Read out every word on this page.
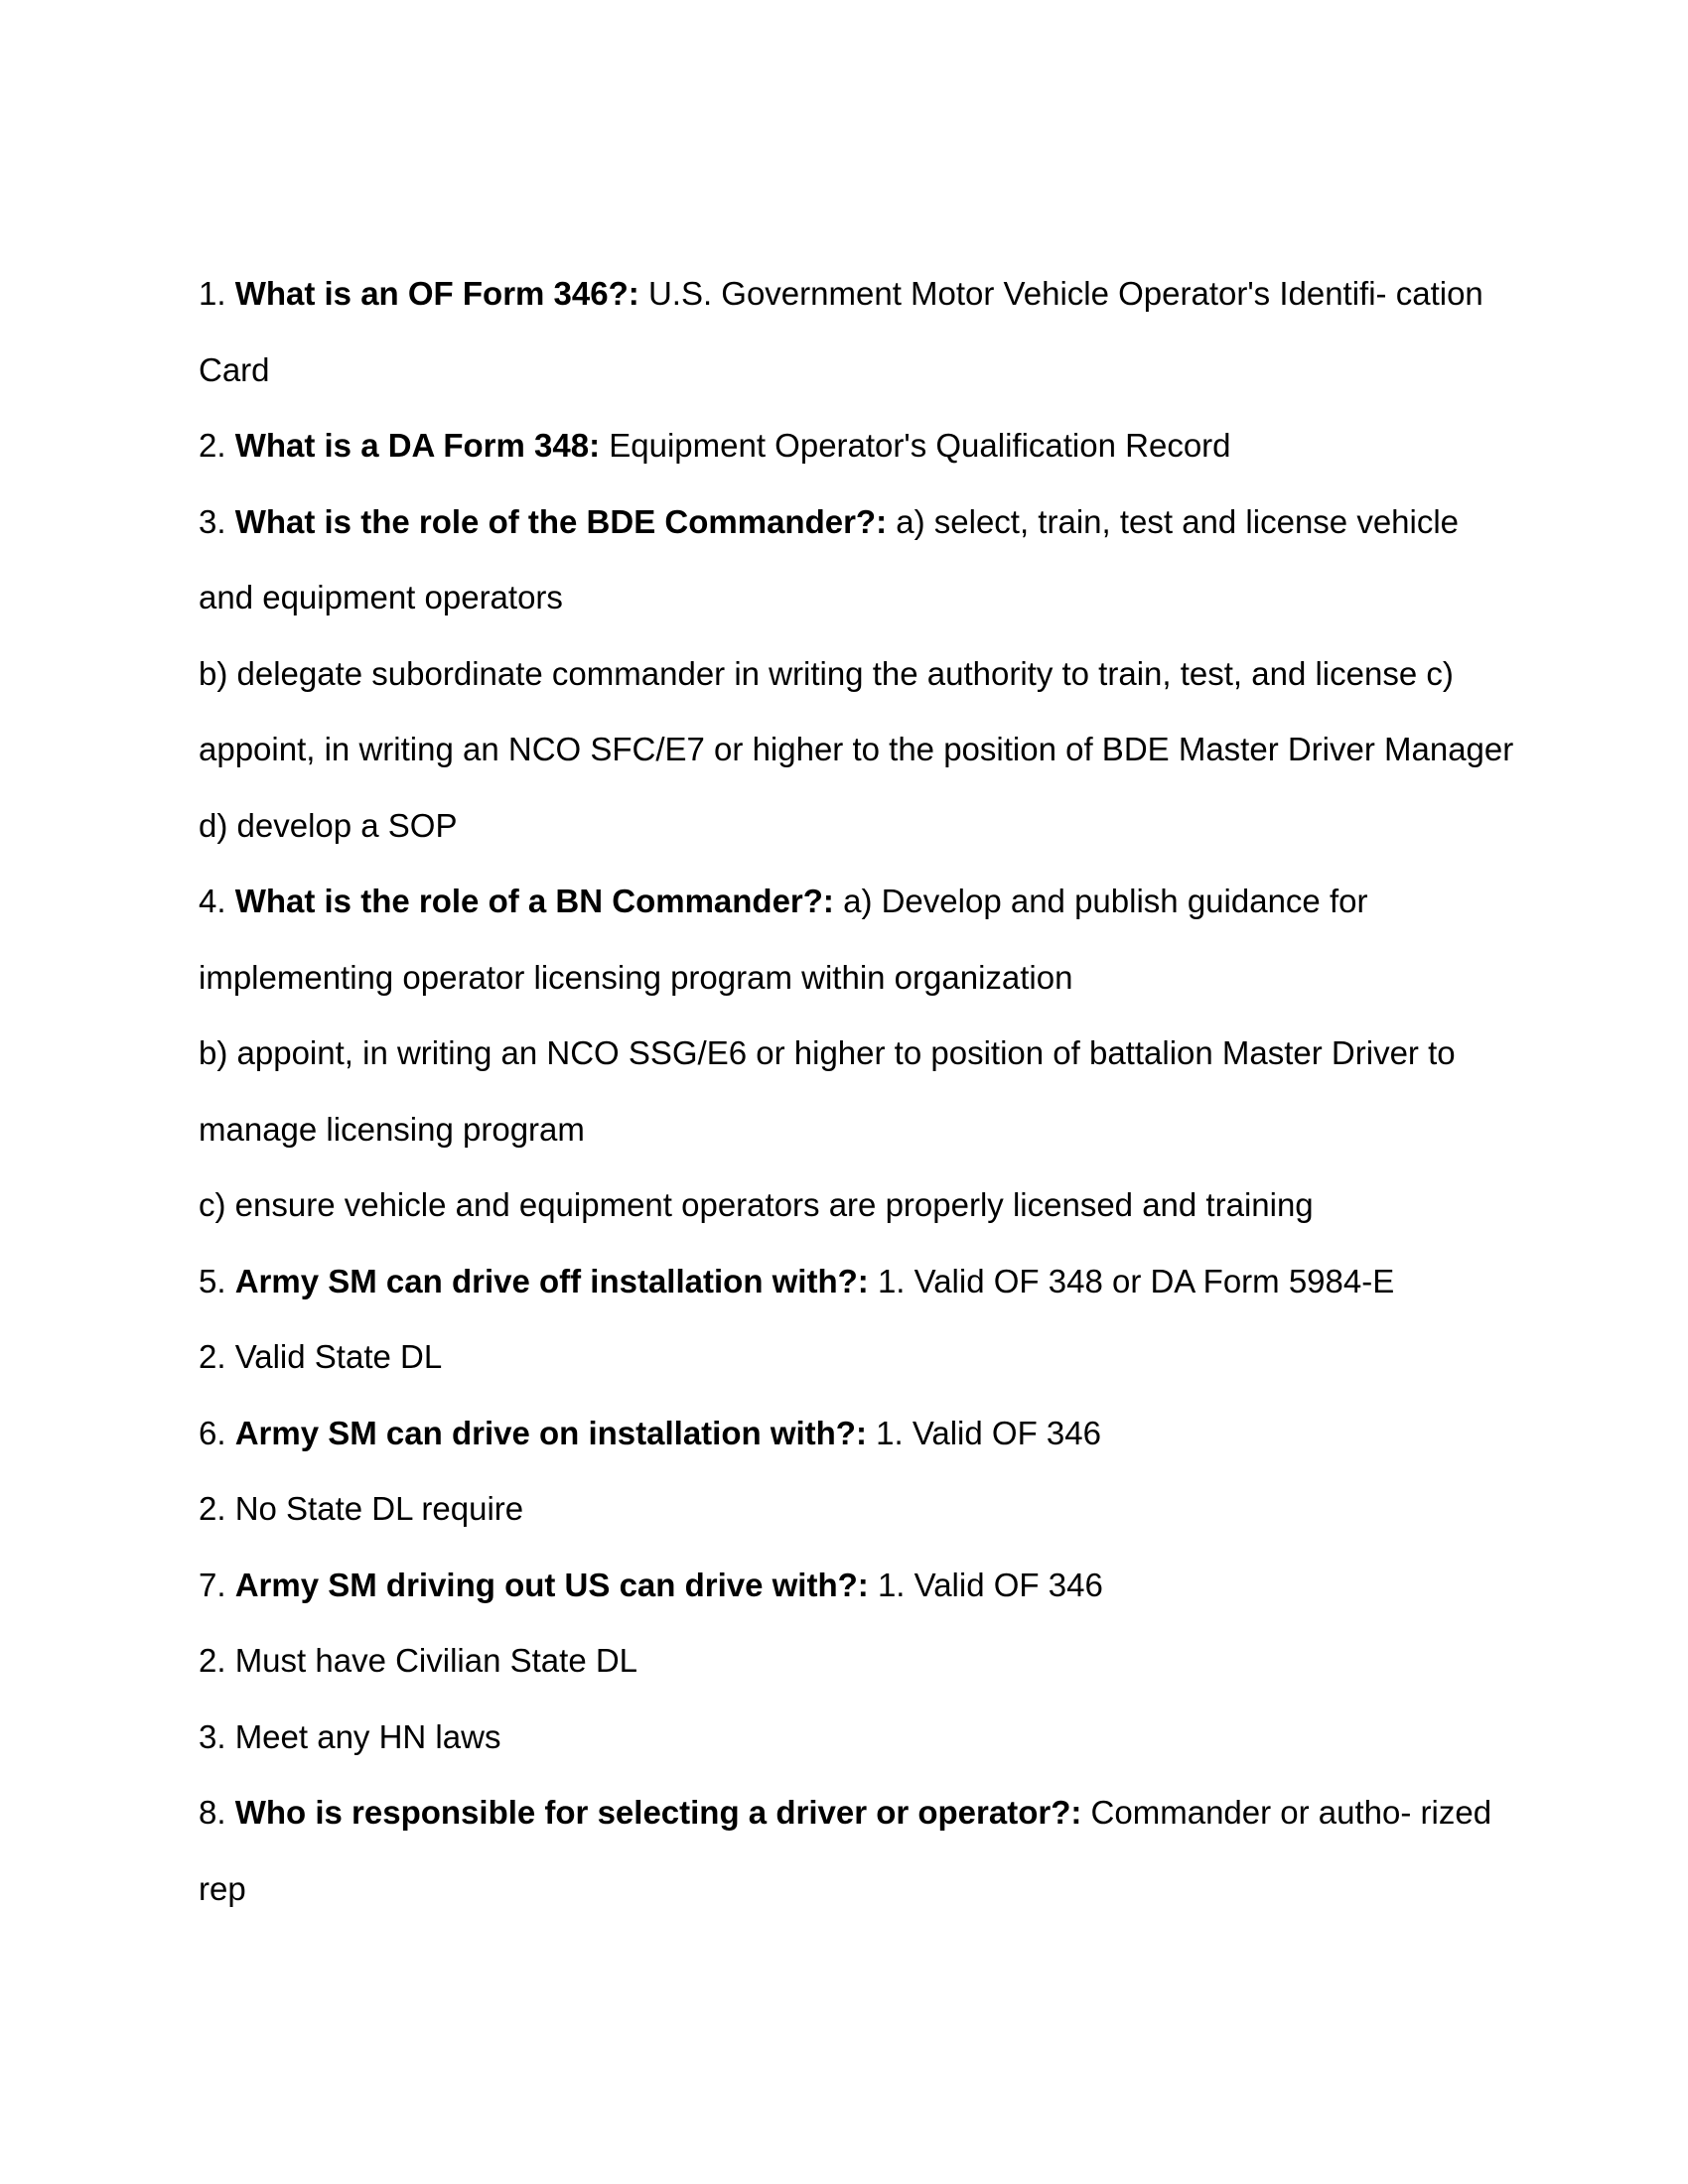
1. What is an OF Form 346?: U.S. Government Motor Vehicle Operator's Identifi- cation

Card

2. What is a DA Form 348: Equipment Operator's Qualification Record

3. What is the role of the BDE Commander?: a) select, train, test and license vehicle

and equipment operators

b) delegate subordinate commander in writing the authority to train, test, and license c)

appoint, in writing an NCO SFC/E7 or higher to the position of BDE Master Driver Manager

d) develop a SOP

4. What is the role of a BN Commander?: a) Develop and publish guidance for

implementing operator licensing program within organization

b) appoint, in writing an NCO SSG/E6 or higher to position of battalion Master Driver to

manage licensing program

c) ensure vehicle and equipment operators are properly licensed and training

5. Army SM can drive off installation with?: 1. Valid OF 348 or DA Form 5984-E

2. Valid State DL

6. Army SM can drive on installation with?: 1. Valid OF 346

2. No State DL require

7. Army SM driving out US can drive with?: 1. Valid OF 346

2. Must have Civilian State DL

3. Meet any HN laws

8. Who is responsible for selecting a driver or operator?: Commander or autho- rized

rep
